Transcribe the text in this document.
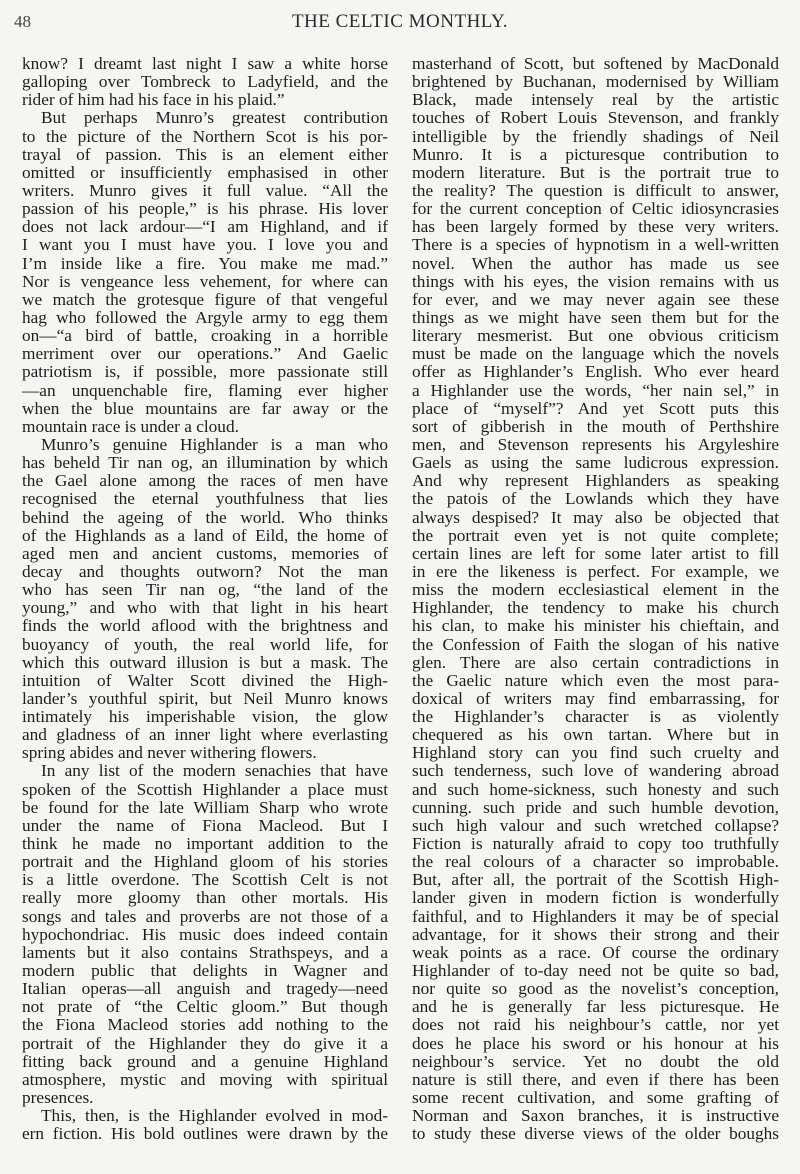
48	THE CELTIC MONTHLY.
know? I dreamt last night I saw a white horse
galloping over Tombreck to Ladyfield, and the
rider of him had his face in his plaid.”
But perhaps Munro’s greatest contribution
to the picture of the Northern Scot is his por-
trayal of passion. This is an element either
omitted or insufficiently emphasised in other
writers. Munro gives it full value. “All the
passion of his people,” is his phrase. His lover
does not lack ardour—“I am Highland, and if
I want you I must have you. I love you and
I’m inside like a fire. You make me mad.”
Nor is vengeance less vehement, for where can
we match the grotesque figure of that vengeful
hag who followed the Argyle army to egg them
on—“a bird of battle, croaking in a horrible
merriment over our operations.” And Gaelic
patriotism is, if possible, more passionate still
—an unquenchable fire, flaming ever higher
when the blue mountains are far away or the
mountain race is under a cloud.
Munro’s genuine Highlander is a man who
has beheld Tir nan og, an illumination by which
the Gael alone among the races of men have
recognised the eternal youthfulness that lies
behind the ageing of the world. Who thinks
of the Highlands as a land of Eild, the home of
aged men and ancient customs, memories of
decay and thoughts outworn? Not the man
who has seen Tir nan og, “the land of the
young,” and who with that light in his heart
finds the world aflood with the brightness and
buoyancy of youth, the real world life, for
which this outward illusion is but a mask. The
intuition of Walter Scott divined the High-
lander’s youthful spirit, but Neil Munro knows
intimately his imperishable vision, the glow
and gladness of an inner light where everlasting
spring abides and never withering flowers.
In any list of the modern senachies that have
spoken of the Scottish Highlander a place must
be found for the late William Sharp who wrote
under the name of Fiona Macleod. But I
think he made no important addition to the
portrait and the Highland gloom of his stories
is a little overdone. The Scottish Celt is not
really more gloomy than other mortals. His
songs and tales and proverbs are not those of a
hypochondriac. His music does indeed contain
laments but it also contains Strathspeys, and a
modern public that delights in Wagner and
Italian operas—all anguish and tragedy—need
not prate of “the Celtic gloom.” But though
the Fiona Macleod stories add nothing to the
portrait of the Highlander they do give it a
fitting back ground and a genuine Highland
atmosphere, mystic and moving with spiritual
presences.
This, then, is the Highlander evolved in mod-
ern fiction. His bold outlines were drawn by the
masterhand of Scott, but softened by MacDonald
brightened by Buchanan, modernised by William
Black, made intensely real by the artistic
touches of Robert Louis Stevenson, and frankly
intelligible by the friendly shadings of Neil
Munro. It is a picturesque contribution to
modern literature. But is the portrait true to
the reality? The question is difficult to answer,
for the current conception of Celtic idiosyncrasies
has been largely formed by these very writers.
There is a species of hypnotism in a well-written
novel. When the author has made us see
things with his eyes, the vision remains with us
for ever, and we may never again see these
things as we might have seen them but for the
literary mesmerist. But one obvious criticism
must be made on the language which the novels
offer as Highlander’s English. Who ever heard
a Highlander use the words, “her nain sel,” in
place of “myself”? And yet Scott puts this
sort of gibberish in the mouth of Perthshire
men, and Stevenson represents his Argyleshire
Gaels as using the same ludicrous expression.
And why represent Highlanders as speaking
the patois of the Lowlands which they have
always despised? It may also be objected that
the portrait even yet is not quite complete;
certain lines are left for some later artist to fill
in ere the likeness is perfect. For example, we
miss the modern ecclesiastical element in the
Highlander, the tendency to make his church
his clan, to make his minister his chieftain, and
the Confession of Faith the slogan of his native
glen. There are also certain contradictions in
the Gaelic nature which even the most para-
doxical of writers may find embarrassing, for
the Highlander’s character is as violently
chequered as his own tartan. Where but in
Highland story can you find such cruelty and
such tenderness, such love of wandering abroad
and such home-sickness, such honesty and such
cunning. such pride and such humble devotion,
such high valour and such wretched collapse?
Fiction is naturally afraid to copy too truthfully
the real colours of a character so improbable.
But, after all, the portrait of the Scottish High-
lander given in modern fiction is wonderfully
faithful, and to Highlanders it may be of special
advantage, for it shows their strong and their
weak points as a race. Of course the ordinary
Highlander of to-day need not be quite so bad,
nor quite so good as the novelist’s conception,
and he is generally far less picturesque. He
does not raid his neighbour’s cattle, nor yet
does he place his sword or his honour at his
neighbour’s service. Yet no doubt the old
nature is still there, and even if there has been
some recent cultivation, and some grafting of
Norman and Saxon branches, it is instructive
to study these diverse views of the older boughs
